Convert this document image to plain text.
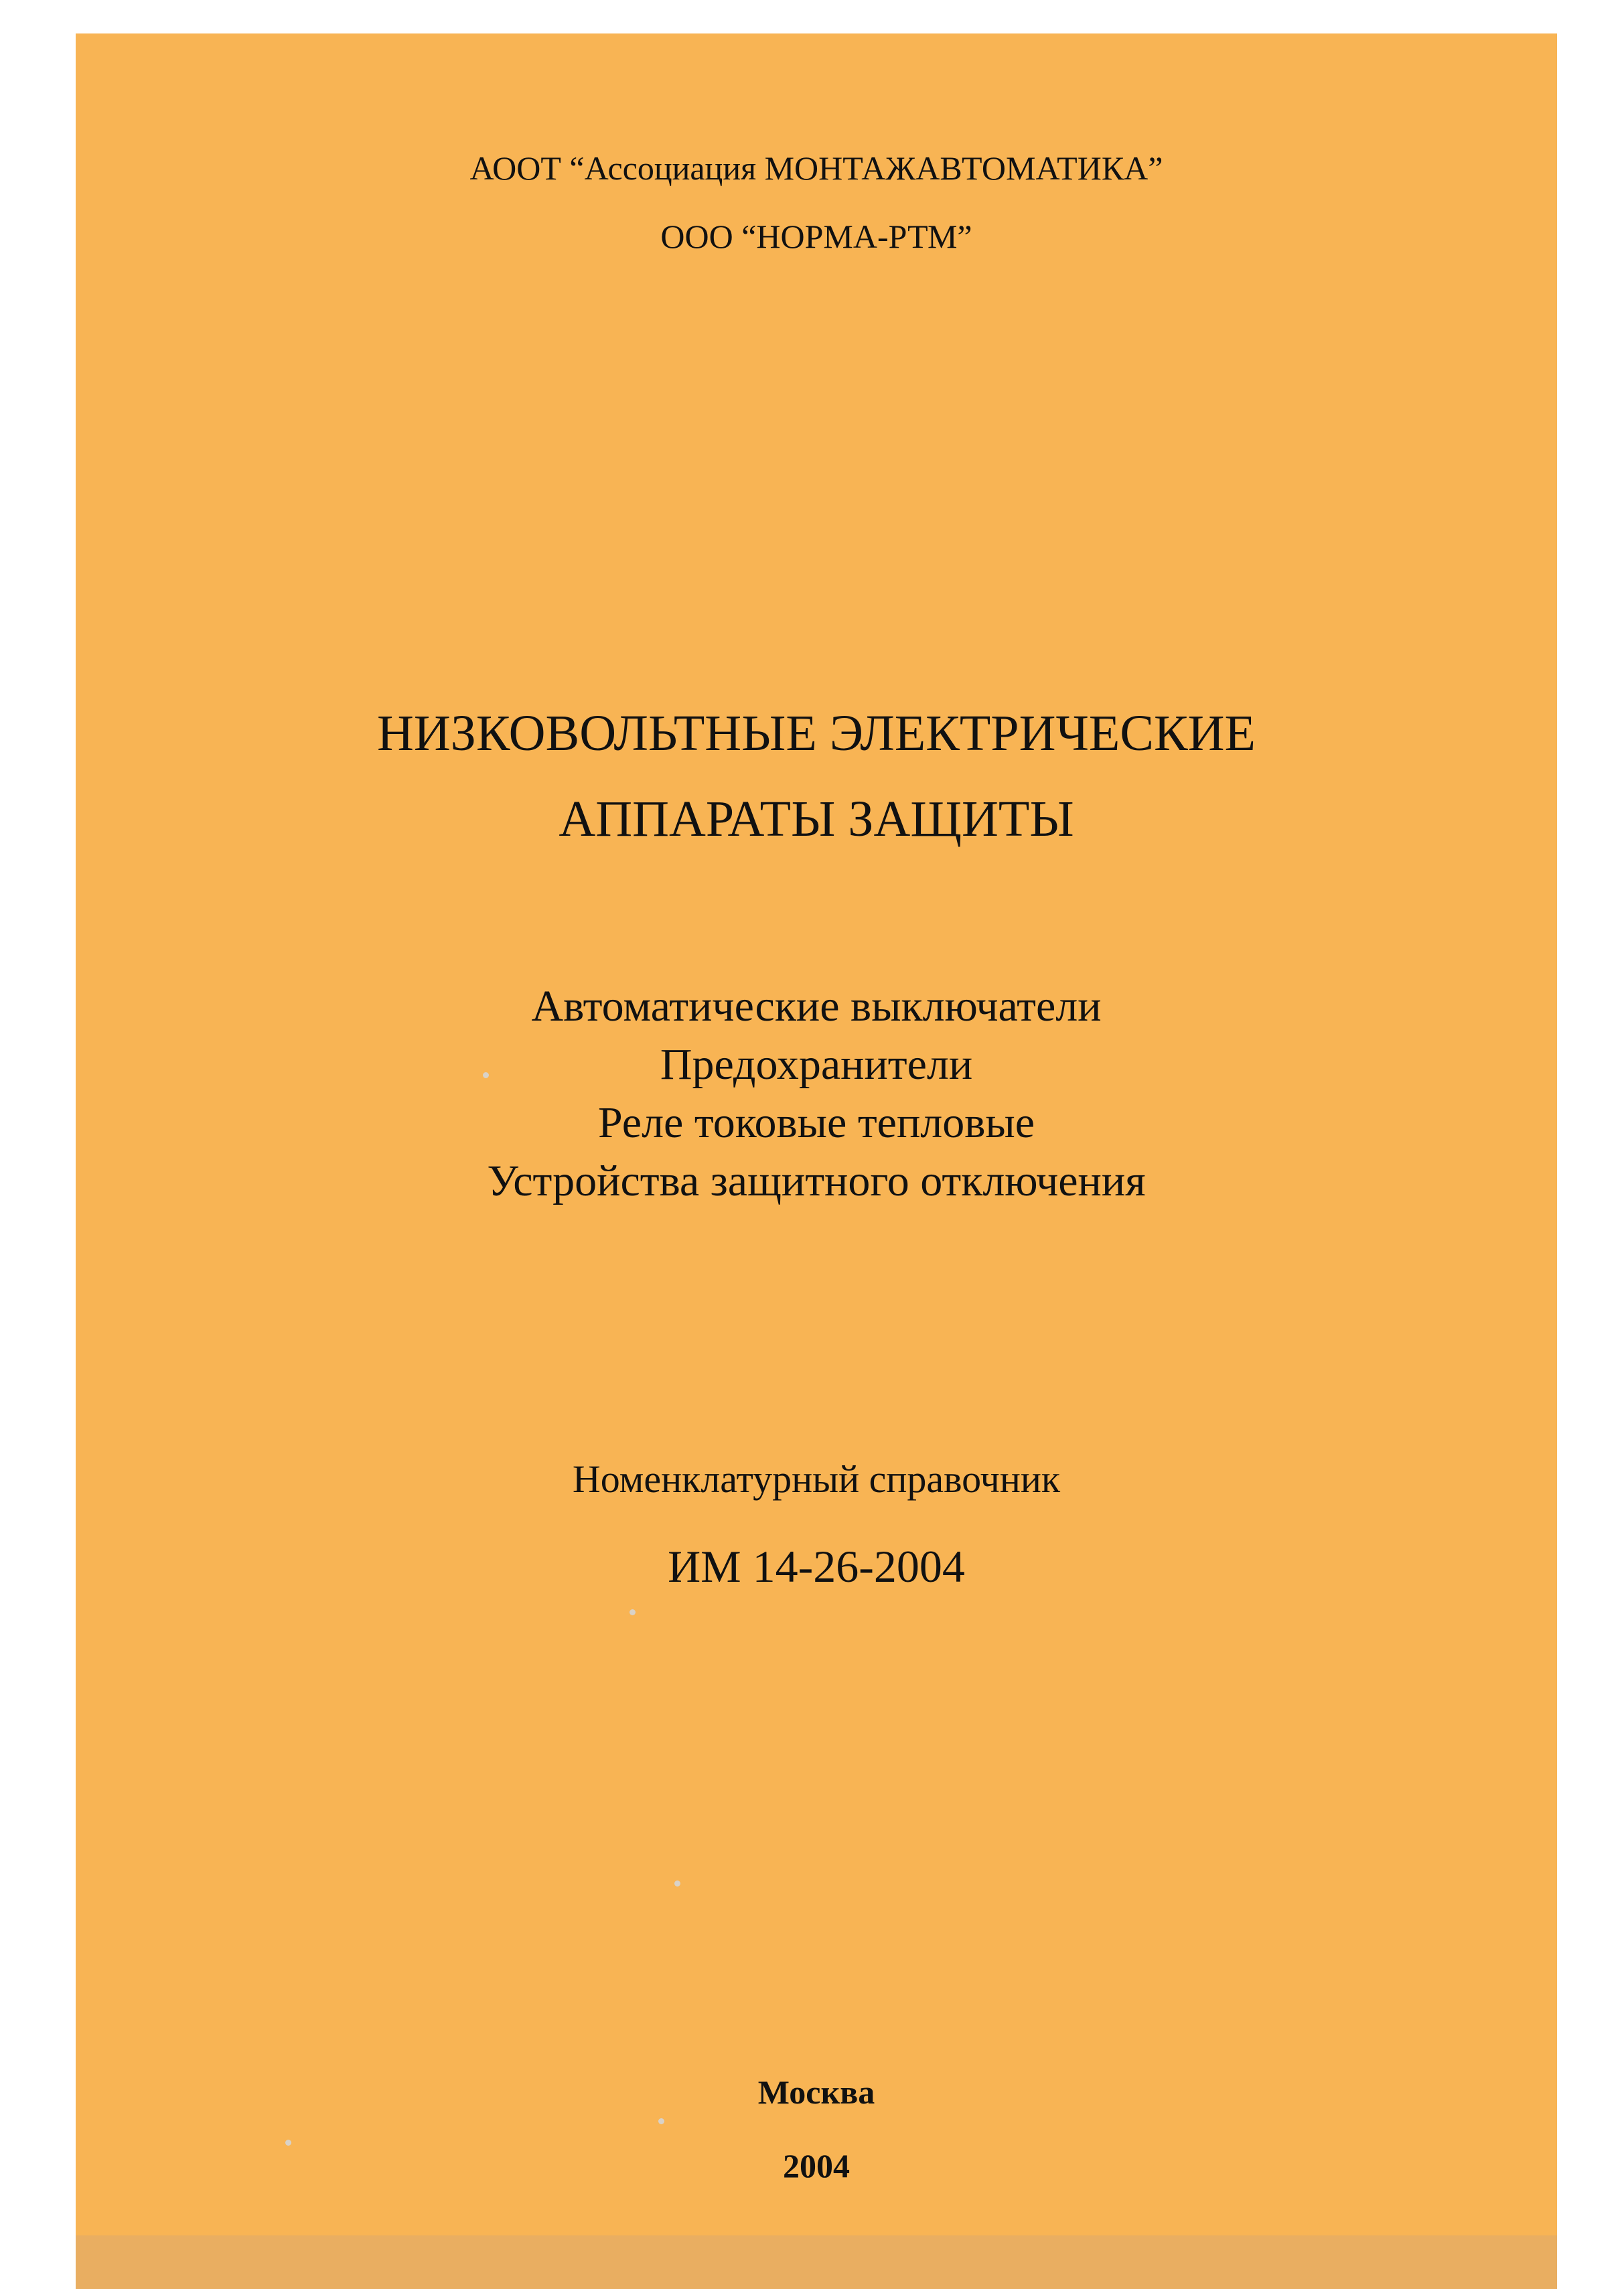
АООТ “Ассоциация МОНТАЖАВТОМАТИКА”

ООО “НОРМА-РТМ”

НИЗКОВОЛЬТНЫЕ ЭЛЕКТРИЧЕСКИЕ

АППАРАТЫ ЗАЩИТЫ

Автоматические выключатели

Предохранители

Реле токовые тепловые

Устройства защитного отключения

Номенклатурный справочник

ИМ 14-26-2004

Москва

2004
